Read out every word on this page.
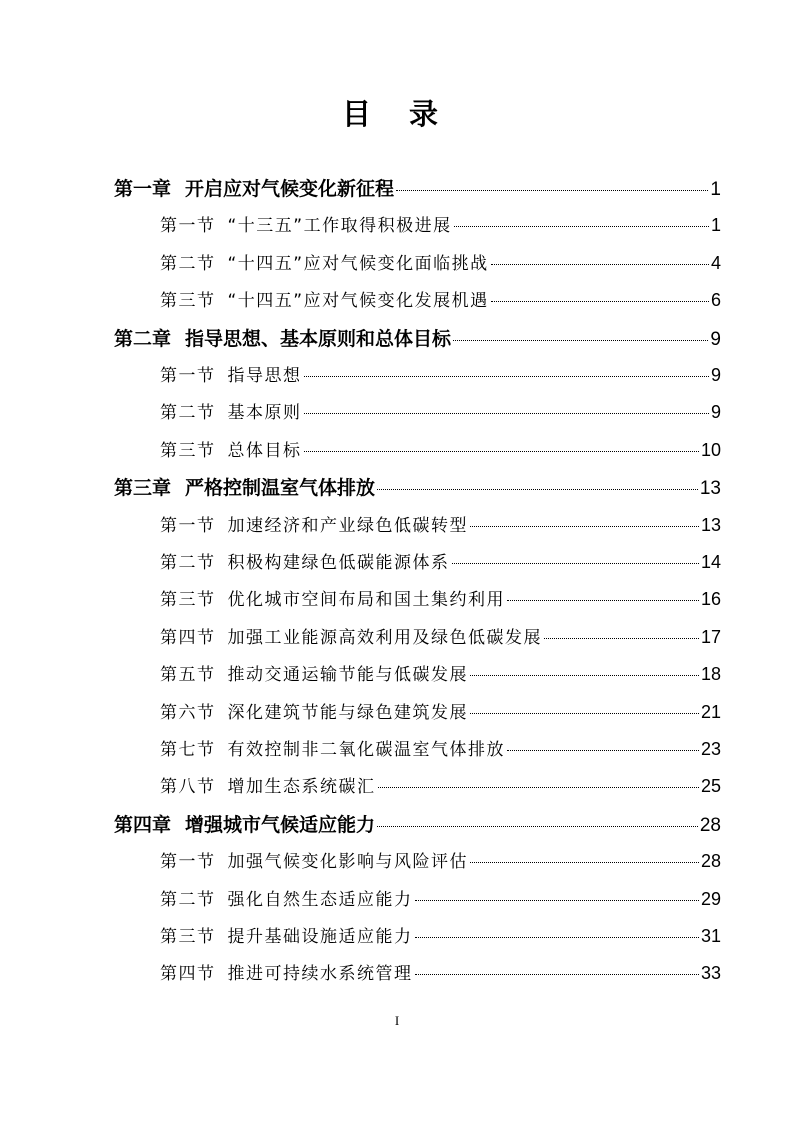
目 录
第一章 开启应对气候变化新征程	1
第一节 “十三五”工作取得积极进展	1
第二节 “十四五”应对气候变化面临挑战	4
第三节 “十四五”应对气候变化发展机遇	6
第二章 指导思想、基本原则和总体目标	9
第一节 指导思想	9
第二节 基本原则	9
第三节 总体目标	10
第三章 严格控制温室气体排放	13
第一节 加速经济和产业绿色低碳转型	13
第二节 积极构建绿色低碳能源体系	14
第三节 优化城市空间布局和国土集约利用	16
第四节 加强工业能源高效利用及绿色低碳发展	17
第五节 推动交通运输节能与低碳发展	18
第六节 深化建筑节能与绿色建筑发展	21
第七节 有效控制非二氧化碳温室气体排放	23
第八节 增加生态系统碳汇	25
第四章 增强城市气候适应能力	28
第一节 加强气候变化影响与风险评估	28
第二节 强化自然生态适应能力	29
第三节 提升基础设施适应能力	31
第四节 推进可持续水系统管理	33
I
